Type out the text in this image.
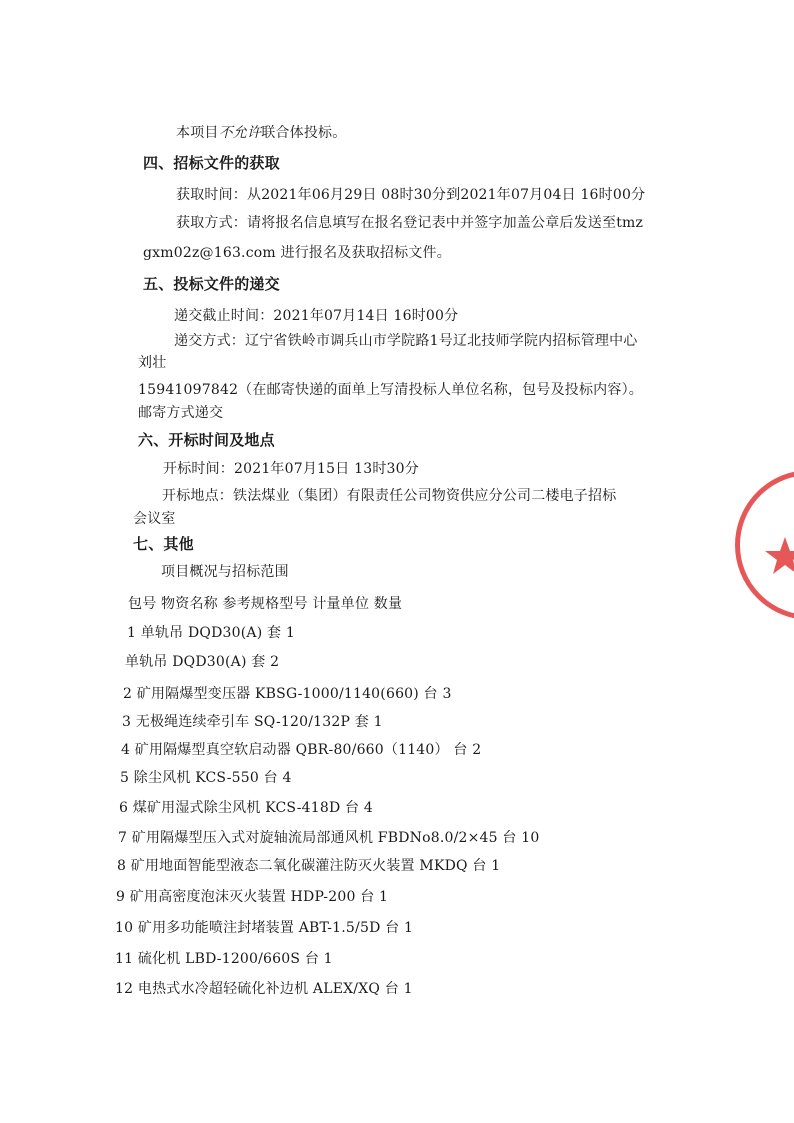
本项目不允许联合体投标。
四、招标文件的获取
获取时间：从2021年06月29日 08时30分到2021年07月04日 16时00分
获取方式：请将报名信息填写在报名登记表中并签字加盖公章后发送至tmz
gxm02z@163.com 进行报名及获取招标文件。
五、投标文件的递交
递交截止时间：2021年07月14日 16时00分
递交方式：辽宁省铁岭市调兵山市学院路1号辽北技师学院内招标管理中心
刘壮
15941097842（在邮寄快递的面单上写清投标人单位名称，包号及投标内容）。
邮寄方式递交
六、开标时间及地点
开标时间：2021年07月15日 13时30分
开标地点：铁法煤业（集团）有限责任公司物资供应分公司二楼电子招标
会议室
七、其他
项目概况与招标范围
包号 物资名称 参考规格型号 计量单位 数量
1 单轨吊 DQD30(A) 套 1
单轨吊 DQD30(A) 套 2
2 矿用隔爆型变压器 KBSG-1000/1140(660) 台 3
3 无极绳连续牵引车 SQ-120/132P 套 1
4 矿用隔爆型真空软启动器 QBR-80/660（1140） 台 2
5 除尘风机 KCS-550 台 4
6 煤矿用湿式除尘风机 KCS-418D 台 4
7 矿用隔爆型压入式对旋轴流局部通风机 FBDNo8.0/2×45 台 10
8 矿用地面智能型液态二氧化碳灌注防灭火装置 MKDQ 台 1
9 矿用高密度泡沫灭火装置 HDP-200 台 1
10 矿用多功能喷注封堵装置 ABT-1.5/5D 台 1
11 硫化机 LBD-1200/660S 台 1
12 电热式水冷超轻硫化补边机 ALEX/XQ 台 1
